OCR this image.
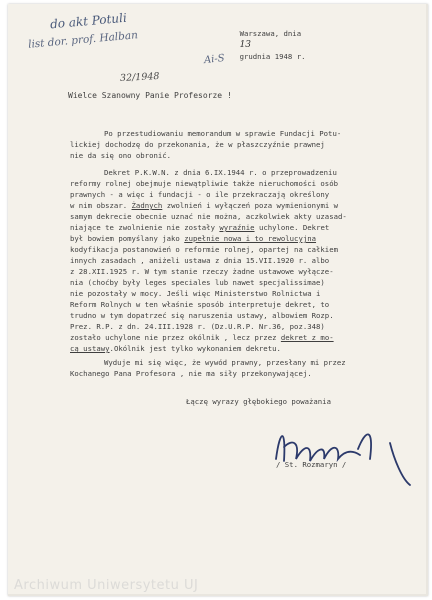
do akt Potuli
list dor. prof. Halban
32/1948
Ai-S

Warszawa, dnia
13
grudnia 1948 r.

Wielce Szanowny Panie Profesorze !
Po przestudiowaniu memorandum w sprawie Fundacji Potu-
lickiej dochodzę do przekonania, że w płaszczyźnie prawnej
nie da się ono obronić.
Dekret P.K.W.N. z dnia 6.IX.1944 r. o przeprowadzeniu
reformy rolnej obejmuje niewątpliwie także nieruchomości osób
prawnych - a więc i fundacji - o ile przekraczają określony
w nim obszar. Żadnych zwolnień i wyłączeń poza wymienionymi w
samym dekrecie obecnie uznać nie można, aczkolwiek akty uzasad-
niające te zwolnienie nie zostały wyraźnie uchylone. Dekret
był bowiem pomyślany jako zupełnie nowa i to rewolucyjna
kodyfikacja postanowień o reformie rolnej, opartej na całkiem
innych zasadach , aniżeli ustawa z dnia 15.VII.1920 r. albo
z 28.XII.1925 r. W tym stanie rzeczy żadne ustawowe wyłącze-
nia (choćby były leges speciales lub nawet specjalissimae)
nie pozostały w mocy. Jeśli więc Ministerstwo Rolnictwa i
Reform Rolnych w ten właśnie sposób interpretuje dekret, to
trudno w tym dopatrzeć się naruszenia ustawy, albowiem Rozp.
Prez. R.P. z dn. 24.III.1928 r. (Dz.U.R.P. Nr.36, poz.348)
zostało uchylone nie przez okólnik , lecz przez dekret z mo-
cą ustawy.Okólnik jest tylko wykonaniem dekretu.
Wyduje mi się więc, że wywód prawny, przesłany mi przez
Kochanego Pana Profesora , nie ma siły przekonywającej.
Łączę wyrazy głębokiego poważania
/ St. Rozmaryn /
Archiwum Uniwersytetu UJ
